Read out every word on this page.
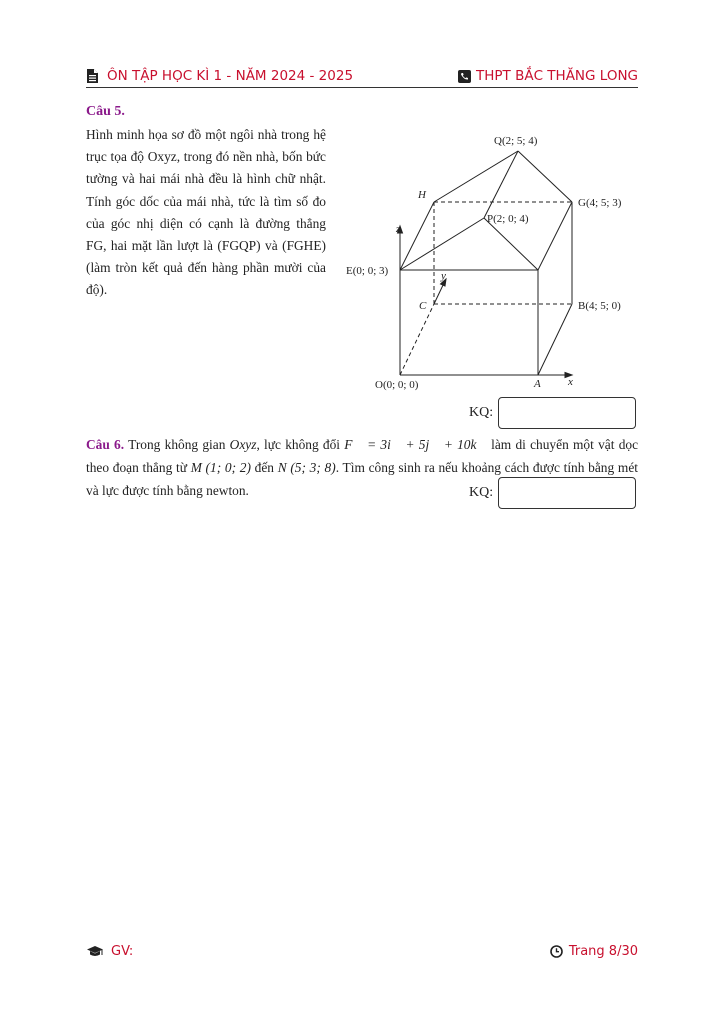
ÔN TẬP HỌC KÌ 1 - NĂM 2024 - 2025	THPT BẮC THĂNG LONG
Câu 5.
Hình minh họa sơ đồ một ngôi nhà trong hệ trục tọa độ Oxyz, trong đó nền nhà, bốn bức tường và hai mái nhà đều là hình chữ nhật. Tính góc dốc của mái nhà, tức là tìm số đo của góc nhị diện có cạnh là đường thẳng FG, hai mặt lần lượt là (FGQP) và (FGHE) (làm tròn kết quả đến hàng phần mười của độ).
Q(2; 5; 4)
H
G(4; 5; 3)
P(2; 0; 4)
z
E(0; 0; 3)	y
C	B(4; 5; 0)
O(0; 0; 0)	A x
KQ:
Câu 6. Trong không gian Oxyz, lực không đổi F⃗ = 3i⃗ + 5j⃗ + 10k⃗ làm di chuyển một vật dọc theo đoạn thẳng từ M (1; 0; 2) đến N (5; 3; 8). Tìm công sinh ra nếu khoảng cách được tính bằng mét và lực được tính bằng newton.	KQ:
GV:	Trang 8/30
